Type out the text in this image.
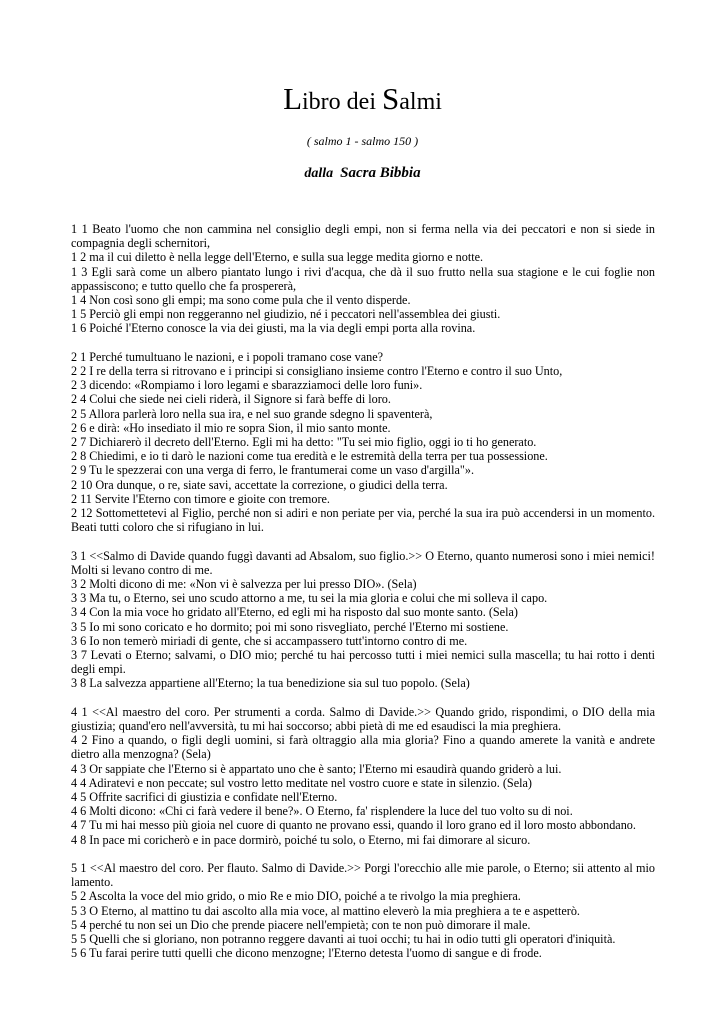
Libro dei Salmi
( salmo 1 - salmo 150 )
dalla Sacra Bibbia

1 1 Beato l'uomo che non cammina nel consiglio degli empi, non si ferma nella via dei peccatori e non si siede in compagnia degli schernitori,

1 2 ma il cui diletto è nella legge dell'Eterno, e sulla sua legge medita giorno e notte.

1 3 Egli sarà come un albero piantato lungo i rivi d'acqua, che dà il suo frutto nella sua stagione e le cui foglie non appassiscono; e tutto quello che fa prospererà,

1 4 Non così sono gli empi; ma sono come pula che il vento disperde.

1 5 Perciò gli empi non reggeranno nel giudizio, né i peccatori nell'assemblea dei giusti.

1 6 Poiché l'Eterno conosce la via dei giusti, ma la via degli empi porta alla rovina.

2 1 Perché tumultuano le nazioni, e i popoli tramano cose vane?

2 2 I re della terra si ritrovano e i principi si consigliano insieme contro l'Eterno e contro il suo Unto,

2 3 dicendo: «Rompiamo i loro legami e sbarazziamoci delle loro funi».

2 4 Colui che siede nei cieli riderà, il Signore si farà beffe di loro.

2 5 Allora parlerà loro nella sua ira, e nel suo grande sdegno li spaventerà,

2 6 e dirà: «Ho insediato il mio re sopra Sion, il mio santo monte.

2 7 Dichiarerò il decreto dell'Eterno. Egli mi ha detto: "Tu sei mio figlio, oggi io ti ho generato.

2 8 Chiedimi, e io ti darò le nazioni come tua eredità e le estremità della terra per tua possessione.

2 9 Tu le spezzerai con una verga di ferro, le frantumerai come un vaso d'argilla"».

2 10 Ora dunque, o re, siate savi, accettate la correzione, o giudici della terra.

2 11 Servite l'Eterno con timore e gioite con tremore.

2 12 Sottomettetevi al Figlio, perché non si adiri e non periate per via, perché la sua ira può accendersi in un momento. Beati tutti coloro che si rifugiano in lui.

3 1 <<Salmo di Davide quando fuggì davanti ad Absalom, suo figlio.>> O Eterno, quanto numerosi sono i miei nemici! Molti si levano contro di me.

3 2 Molti dicono di me: «Non vi è salvezza per lui presso DIO». (Sela)

3 3 Ma tu, o Eterno, sei uno scudo attorno a me, tu sei la mia gloria e colui che mi solleva il capo.

3 4 Con la mia voce ho gridato all'Eterno, ed egli mi ha risposto dal suo monte santo. (Sela)

3 5 Io mi sono coricato e ho dormito; poi mi sono risvegliato, perché l'Eterno mi sostiene.

3 6 Io non temerò miriadi di gente, che si accampassero tutt'intorno contro di me.

3 7 Levati o Eterno; salvami, o DIO mio; perché tu hai percosso tutti i miei nemici sulla mascella; tu hai rotto i denti degli empi.

3 8 La salvezza appartiene all'Eterno; la tua benedizione sia sul tuo popolo. (Sela)

4 1 <<Al maestro del coro. Per strumenti a corda. Salmo di Davide.>> Quando grido, rispondimi, o DIO della mia giustizia; quand'ero nell'avversità, tu mi hai soccorso; abbi pietà di me ed esaudisci la mia preghiera.

4 2 Fino a quando, o figli degli uomini, si farà oltraggio alla mia gloria? Fino a quando amerete la vanità e andrete dietro alla menzogna? (Sela)

4 3 Or sappiate che l'Eterno si è appartato uno che è santo; l'Eterno mi esaudirà quando griderò a lui.

4 4 Adiratevi e non peccate; sul vostro letto meditate nel vostro cuore e state in silenzio. (Sela)

4 5 Offrite sacrifici di giustizia e confidate nell'Eterno.

4 6 Molti dicono: «Chi ci farà vedere il bene?». O Eterno, fa' risplendere la luce del tuo volto su di noi.

4 7 Tu mi hai messo più gioia nel cuore di quanto ne provano essi, quando il loro grano ed il loro mosto abbondano.

4 8 In pace mi coricherò e in pace dormirò, poiché tu solo, o Eterno, mi fai dimorare al sicuro.

5 1 <<Al maestro del coro. Per flauto. Salmo di Davide.>> Porgi l'orecchio alle mie parole, o Eterno; sii attento al mio lamento.

5 2 Ascolta la voce del mio grido, o mio Re e mio DIO, poiché a te rivolgo la mia preghiera.

5 3 O Eterno, al mattino tu dai ascolto alla mia voce, al mattino eleverò la mia preghiera a te e aspetterò.

5 4 perché tu non sei un Dio che prende piacere nell'empietà; con te non può dimorare il male.

5 5 Quelli che si gloriano, non potranno reggere davanti ai tuoi occhi; tu hai in odio tutti gli operatori d'iniquità.

5 6 Tu farai perire tutti quelli che dicono menzogne; l'Eterno detesta l'uomo di sangue e di frode.
